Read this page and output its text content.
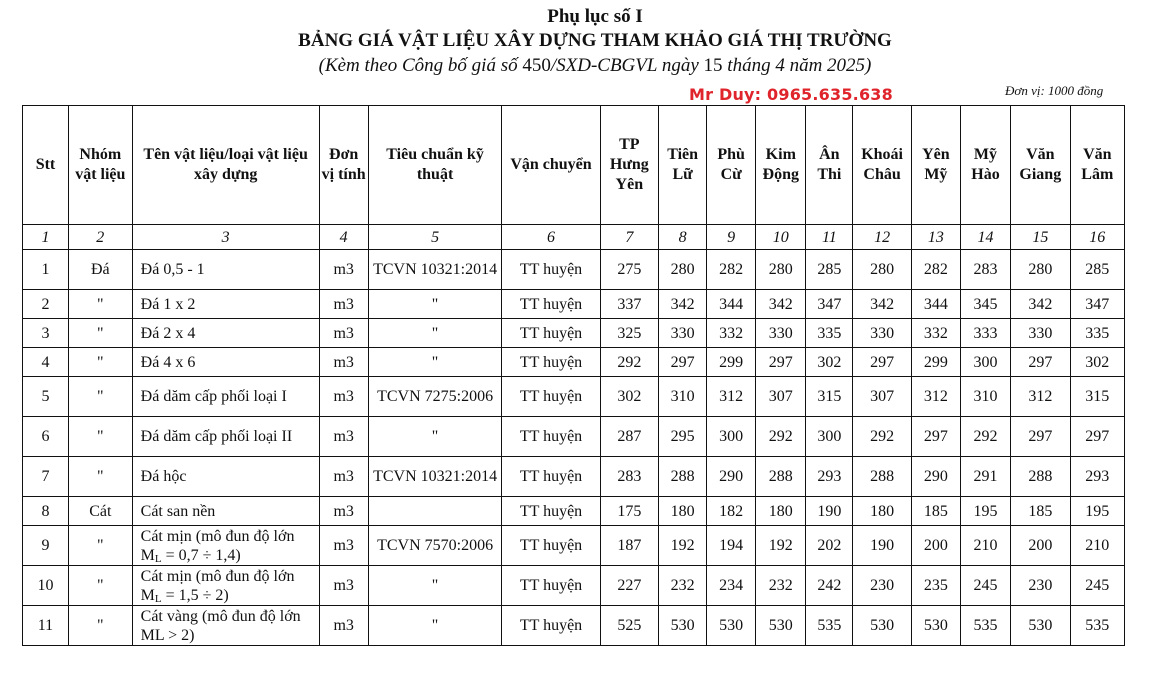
Phụ lục số I
BẢNG GIÁ VẬT LIỆU XÂY DỰNG THAM KHẢO GIÁ THỊ TRƯỜNG
(Kèm theo Công bố giá số 450/SXD-CBGVL ngày 15 tháng 4 năm 2025)
Mr Duy: 0965.635.638	Đơn vị: 1000 đồng
Stt	Nhóm vật liệu	Tên vật liệu/loại vật liệu xây dựng	Đơn vị tính	Tiêu chuẩn kỹ thuật	Vận chuyển	TP Hưng Yên	Tiên Lữ	Phù Cừ	Kim Động	Ân Thi	Khoái Châu	Yên Mỹ	Mỹ Hào	Văn Giang	Văn Lâm
1	2	3	4	5	6	7	8	9	10	11	12	13	14	15	16
1	Đá	Đá 0,5 - 1	m3	TCVN 10321:2014	TT huyện	275	280	282	280	285	280	282	283	280	285
2	"	Đá 1 x 2	m3	"	TT huyện	337	342	344	342	347	342	344	345	342	347
3	"	Đá 2 x 4	m3	"	TT huyện	325	330	332	330	335	330	332	333	330	335
4	"	Đá 4 x 6	m3	"	TT huyện	292	297	299	297	302	297	299	300	297	302
5	"	Đá dăm cấp phối loại I	m3	TCVN 7275:2006	TT huyện	302	310	312	307	315	307	312	310	312	315
6	"	Đá dăm cấp phối loại II	m3	"	TT huyện	287	295	300	292	300	292	297	292	297	297
7	"	Đá hộc	m3	TCVN 10321:2014	TT huyện	283	288	290	288	293	288	290	291	288	293
8	Cát	Cát san nền	m3		TT huyện	175	180	182	180	190	180	185	195	185	195
9	"	Cát mịn (mô đun độ lớn $M_L = 0,7 \div 1,4$)	m3	TCVN 7570:2006	TT huyện	187	192	194	192	202	190	200	210	200	210
10	"	Cát mịn (mô đun độ lớn $M_L = 1,5 \div 2$)	m3	"	TT huyện	227	232	234	232	242	230	235	245	230	245
11	"	Cát vàng (mô đun độ lớn ML > 2)	m3	"	TT huyện	525	530	530	530	535	530	530	535	530	535
